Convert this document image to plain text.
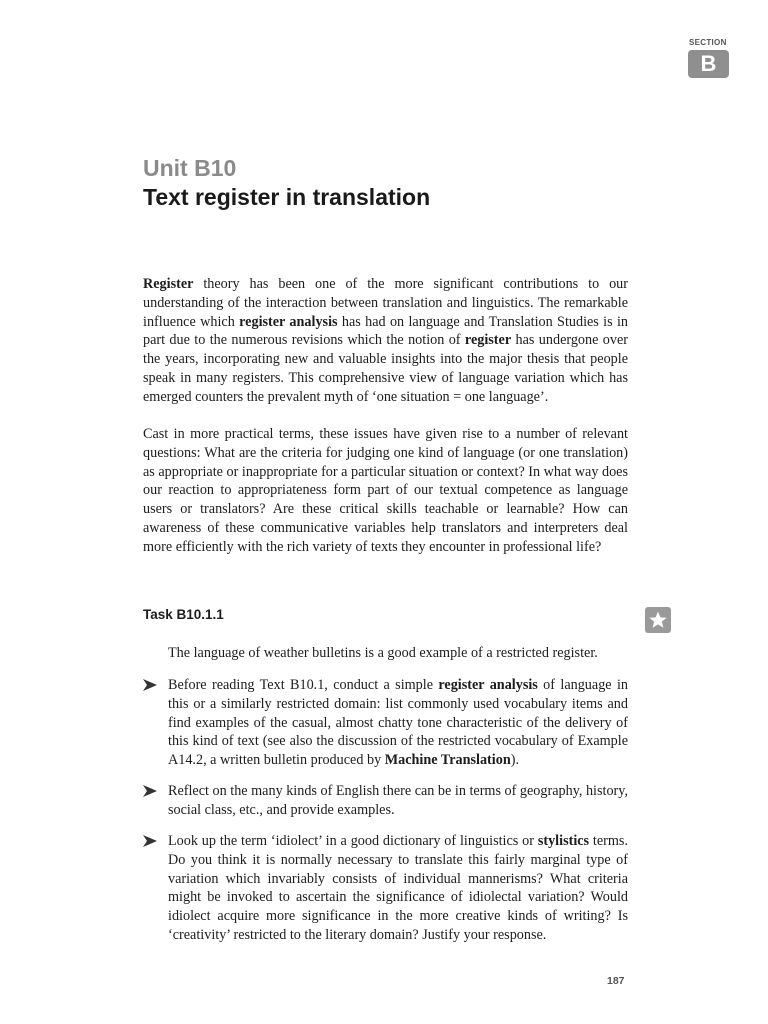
SECTION
B
Unit B10
Text register in translation

Register theory has been one of the more significant contributions to our understanding of the interaction between translation and linguistics. The remarkable influence which register analysis has had on language and Translation Studies is in part due to the numerous revisions which the notion of register has undergone over the years, incorporating new and valuable insights into the major thesis that people speak in many registers. This comprehensive view of language variation which has emerged counters the prevalent myth of ‘one situation = one language’.

Cast in more practical terms, these issues have given rise to a number of relevant questions: What are the criteria for judging one kind of language (or one translation) as appropriate or inappropriate for a particular situation or context? In what way does our reaction to appropriateness form part of our textual competence as language users or translators? Are these critical skills teachable or learnable? How can awareness of these communicative variables help translators and interpreters deal more efficiently with the rich variety of texts they encounter in professional life?

Task B10.1.1

The language of weather bulletins is a good example of a restricted register.

Before reading Text B10.1, conduct a simple register analysis of language in this or a similarly restricted domain: list commonly used vocabulary items and find examples of the casual, almost chatty tone characteristic of the delivery of this kind of text (see also the discussion of the restricted vocabulary of Example A14.2, a written bulletin produced by Machine Translation).

Reflect on the many kinds of English there can be in terms of geography, history, social class, etc., and provide examples.

Look up the term ‘idiolect’ in a good dictionary of linguistics or stylistics terms. Do you think it is normally necessary to translate this fairly marginal type of variation which invariably consists of individual mannerisms? What criteria might be invoked to ascertain the significance of idiolectal variation? Would idiolect acquire more significance in the more creative kinds of writing? Is ‘creativity’ restricted to the literary domain? Justify your response.

187
